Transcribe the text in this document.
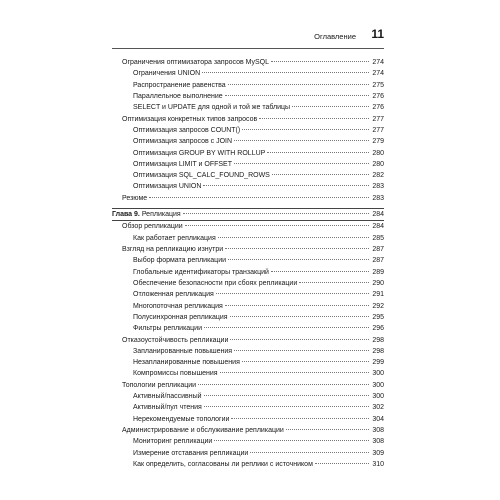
Оглавление 11
Ограничения оптимизатора запросов MySQL	274
Ограничения UNION	274
Распространение равенства	275
Параллельное выполнение	276
SELECT и UPDATE для одной и той же таблицы	276
Оптимизация конкретных типов запросов	277
Оптимизация запросов COUNT()	277
Оптимизация запросов с JOIN	279
Оптимизация GROUP BY WITH ROLLUP	280
Оптимизация LIMIT и OFFSET	280
Оптимизация SQL_CALC_FOUND_ROWS	282
Оптимизация UNION	283
Резюме	283
Глава 9. Репликация	284
Обзор репликации	284
Как работает репликация	285
Взгляд на репликацию изнутри	287
Выбор формата репликации	287
Глобальные идентификаторы транзакций	289
Обеспечение безопасности при сбоях репликации	290
Отложенная репликация	291
Многопоточная репликация	292
Полусинхронная репликация	295
Фильтры репликации	296
Отказоустойчивость репликации	298
Запланированные повышения	298
Незапланированные повышения	299
Компромиссы повышения	300
Топологии репликации	300
Активный/пассивный	300
Активный/пул чтения	302
Нерекомендуемые топологии	304
Администрирование и обслуживание репликации	308
Мониторинг репликации	308
Измерение отставания репликации	309
Как определить, согласованы ли реплики с источником	310
